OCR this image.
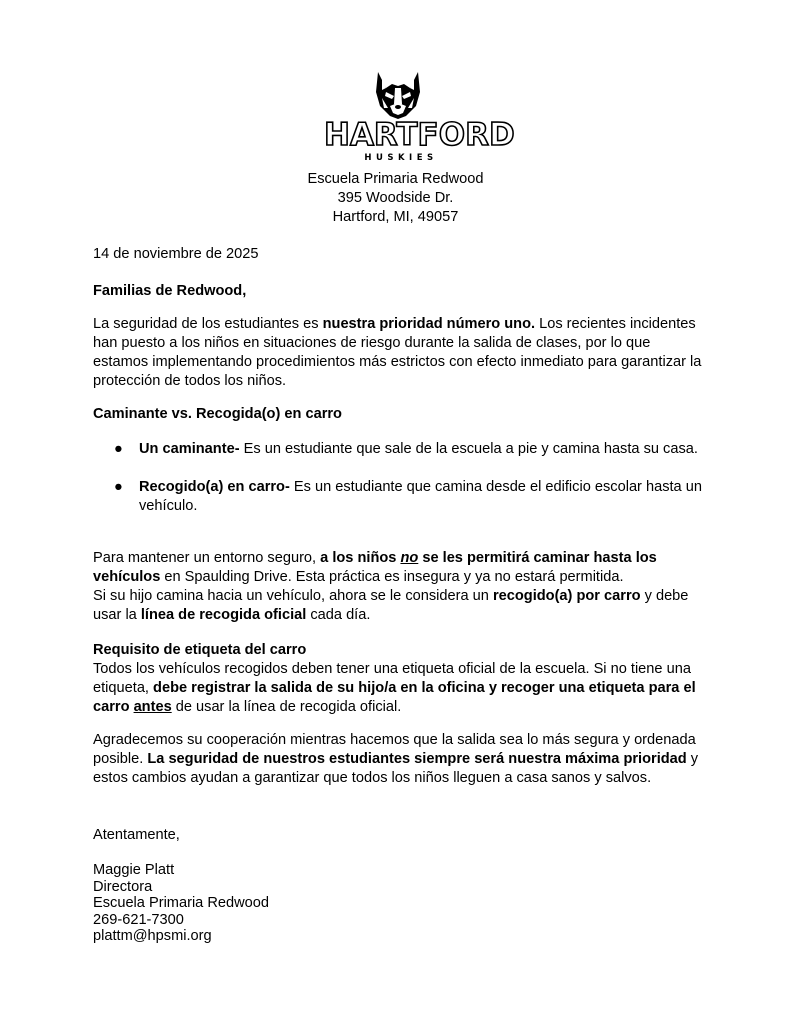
HARTFORD
HUSKIES
Escuela Primaria Redwood
395 Woodside Dr.
Hartford, MI, 49057
14 de noviembre de 2025
Familias de Redwood,
La seguridad de los estudiantes es nuestra prioridad número uno. Los recientes incidentes han puesto a los niños en situaciones de riesgo durante la salida de clases, por lo que estamos implementando procedimientos más estrictos con efecto inmediato para garantizar la protección de todos los niños.
Caminante vs. Recogida(o) en carro
● Un caminante- Es un estudiante que sale de la escuela a pie y camina hasta su casa.
● Recogido(a) en carro- Es un estudiante que camina desde el edificio escolar hasta un vehículo.
Para mantener un entorno seguro, a los niños no se les permitirá caminar hasta los vehículos en Spaulding Drive. Esta práctica es insegura y ya no estará permitida.
Si su hijo camina hacia un vehículo, ahora se le considera un recogido(a) por carro y debe usar la línea de recogida oficial cada día.
Requisito de etiqueta del carro
Todos los vehículos recogidos deben tener una etiqueta oficial de la escuela. Si no tiene una etiqueta, debe registrar la salida de su hijo/a en la oficina y recoger una etiqueta para el carro antes de usar la línea de recogida oficial.
Agradecemos su cooperación mientras hacemos que la salida sea lo más segura y ordenada posible. La seguridad de nuestros estudiantes siempre será nuestra máxima prioridad y estos cambios ayudan a garantizar que todos los niños lleguen a casa sanos y salvos.
Atentamente,
Maggie Platt
Directora
Escuela Primaria Redwood
269-621-7300
plattm@hpsmi.org
